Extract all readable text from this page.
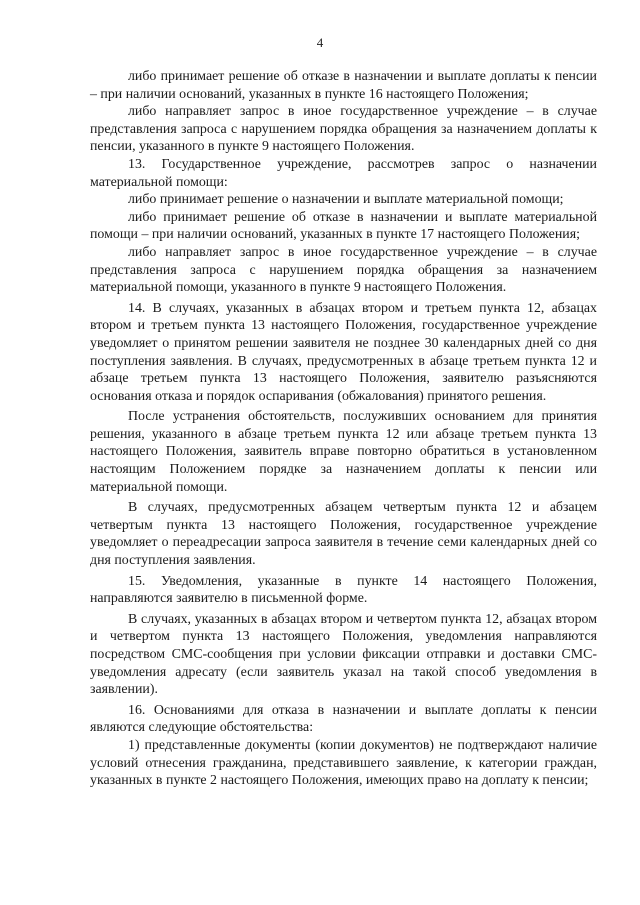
4

либо принимает решение об отказе в назначении и выплате доплаты к пенсии – при наличии оснований, указанных в пункте 16 настоящего Положения;

либо направляет запрос в иное государственное учреждение – в случае представления запроса с нарушением порядка обращения за назначением доплаты к пенсии, указанного в пункте 9 настоящего Положения.

13. Государственное учреждение, рассмотрев запрос о назначении материальной помощи:

либо принимает решение о назначении и выплате материальной помощи;

либо принимает решение об отказе в назначении и выплате материальной помощи – при наличии оснований, указанных в пункте 17 настоящего Положения;

либо направляет запрос в иное государственное учреждение – в случае представления запроса с нарушением порядка обращения за назначением материальной помощи, указанного в пункте 9 настоящего Положения.

14. В случаях, указанных в абзацах втором и третьем пункта 12, абзацах втором и третьем пункта 13 настоящего Положения, государственное учреждение уведомляет о принятом решении заявителя не позднее 30 календарных дней со дня поступления заявления. В случаях, предусмотренных в абзаце третьем пункта 12 и абзаце третьем пункта 13 настоящего Положения, заявителю разъясняются основания отказа и порядок оспаривания (обжалования) принятого решения.

После устранения обстоятельств, послуживших основанием для принятия решения, указанного в абзаце третьем пункта 12 или абзаце третьем пункта 13 настоящего Положения, заявитель вправе повторно обратиться в установленном настоящим Положением порядке за назначением доплаты к пенсии или материальной помощи.

В случаях, предусмотренных абзацем четвертым пункта 12 и абзацем четвертым пункта 13 настоящего Положения, государственное учреждение уведомляет о переадресации запроса заявителя в течение семи календарных дней со дня поступления заявления.

15. Уведомления, указанные в пункте 14 настоящего Положения, направляются заявителю в письменной форме.

В случаях, указанных в абзацах втором и четвертом пункта 12, абзацах втором и четвертом пункта 13 настоящего Положения, уведомления направляются посредством СМС-сообщения при условии фиксации отправки и доставки СМС-уведомления адресату (если заявитель указал на такой способ уведомления в заявлении).

16. Основаниями для отказа в назначении и выплате доплаты к пенсии являются следующие обстоятельства:

1) представленные документы (копии документов) не подтверждают наличие условий отнесения гражданина, представившего заявление, к категории граждан, указанных в пункте 2 настоящего Положения, имеющих право на доплату к пенсии;
